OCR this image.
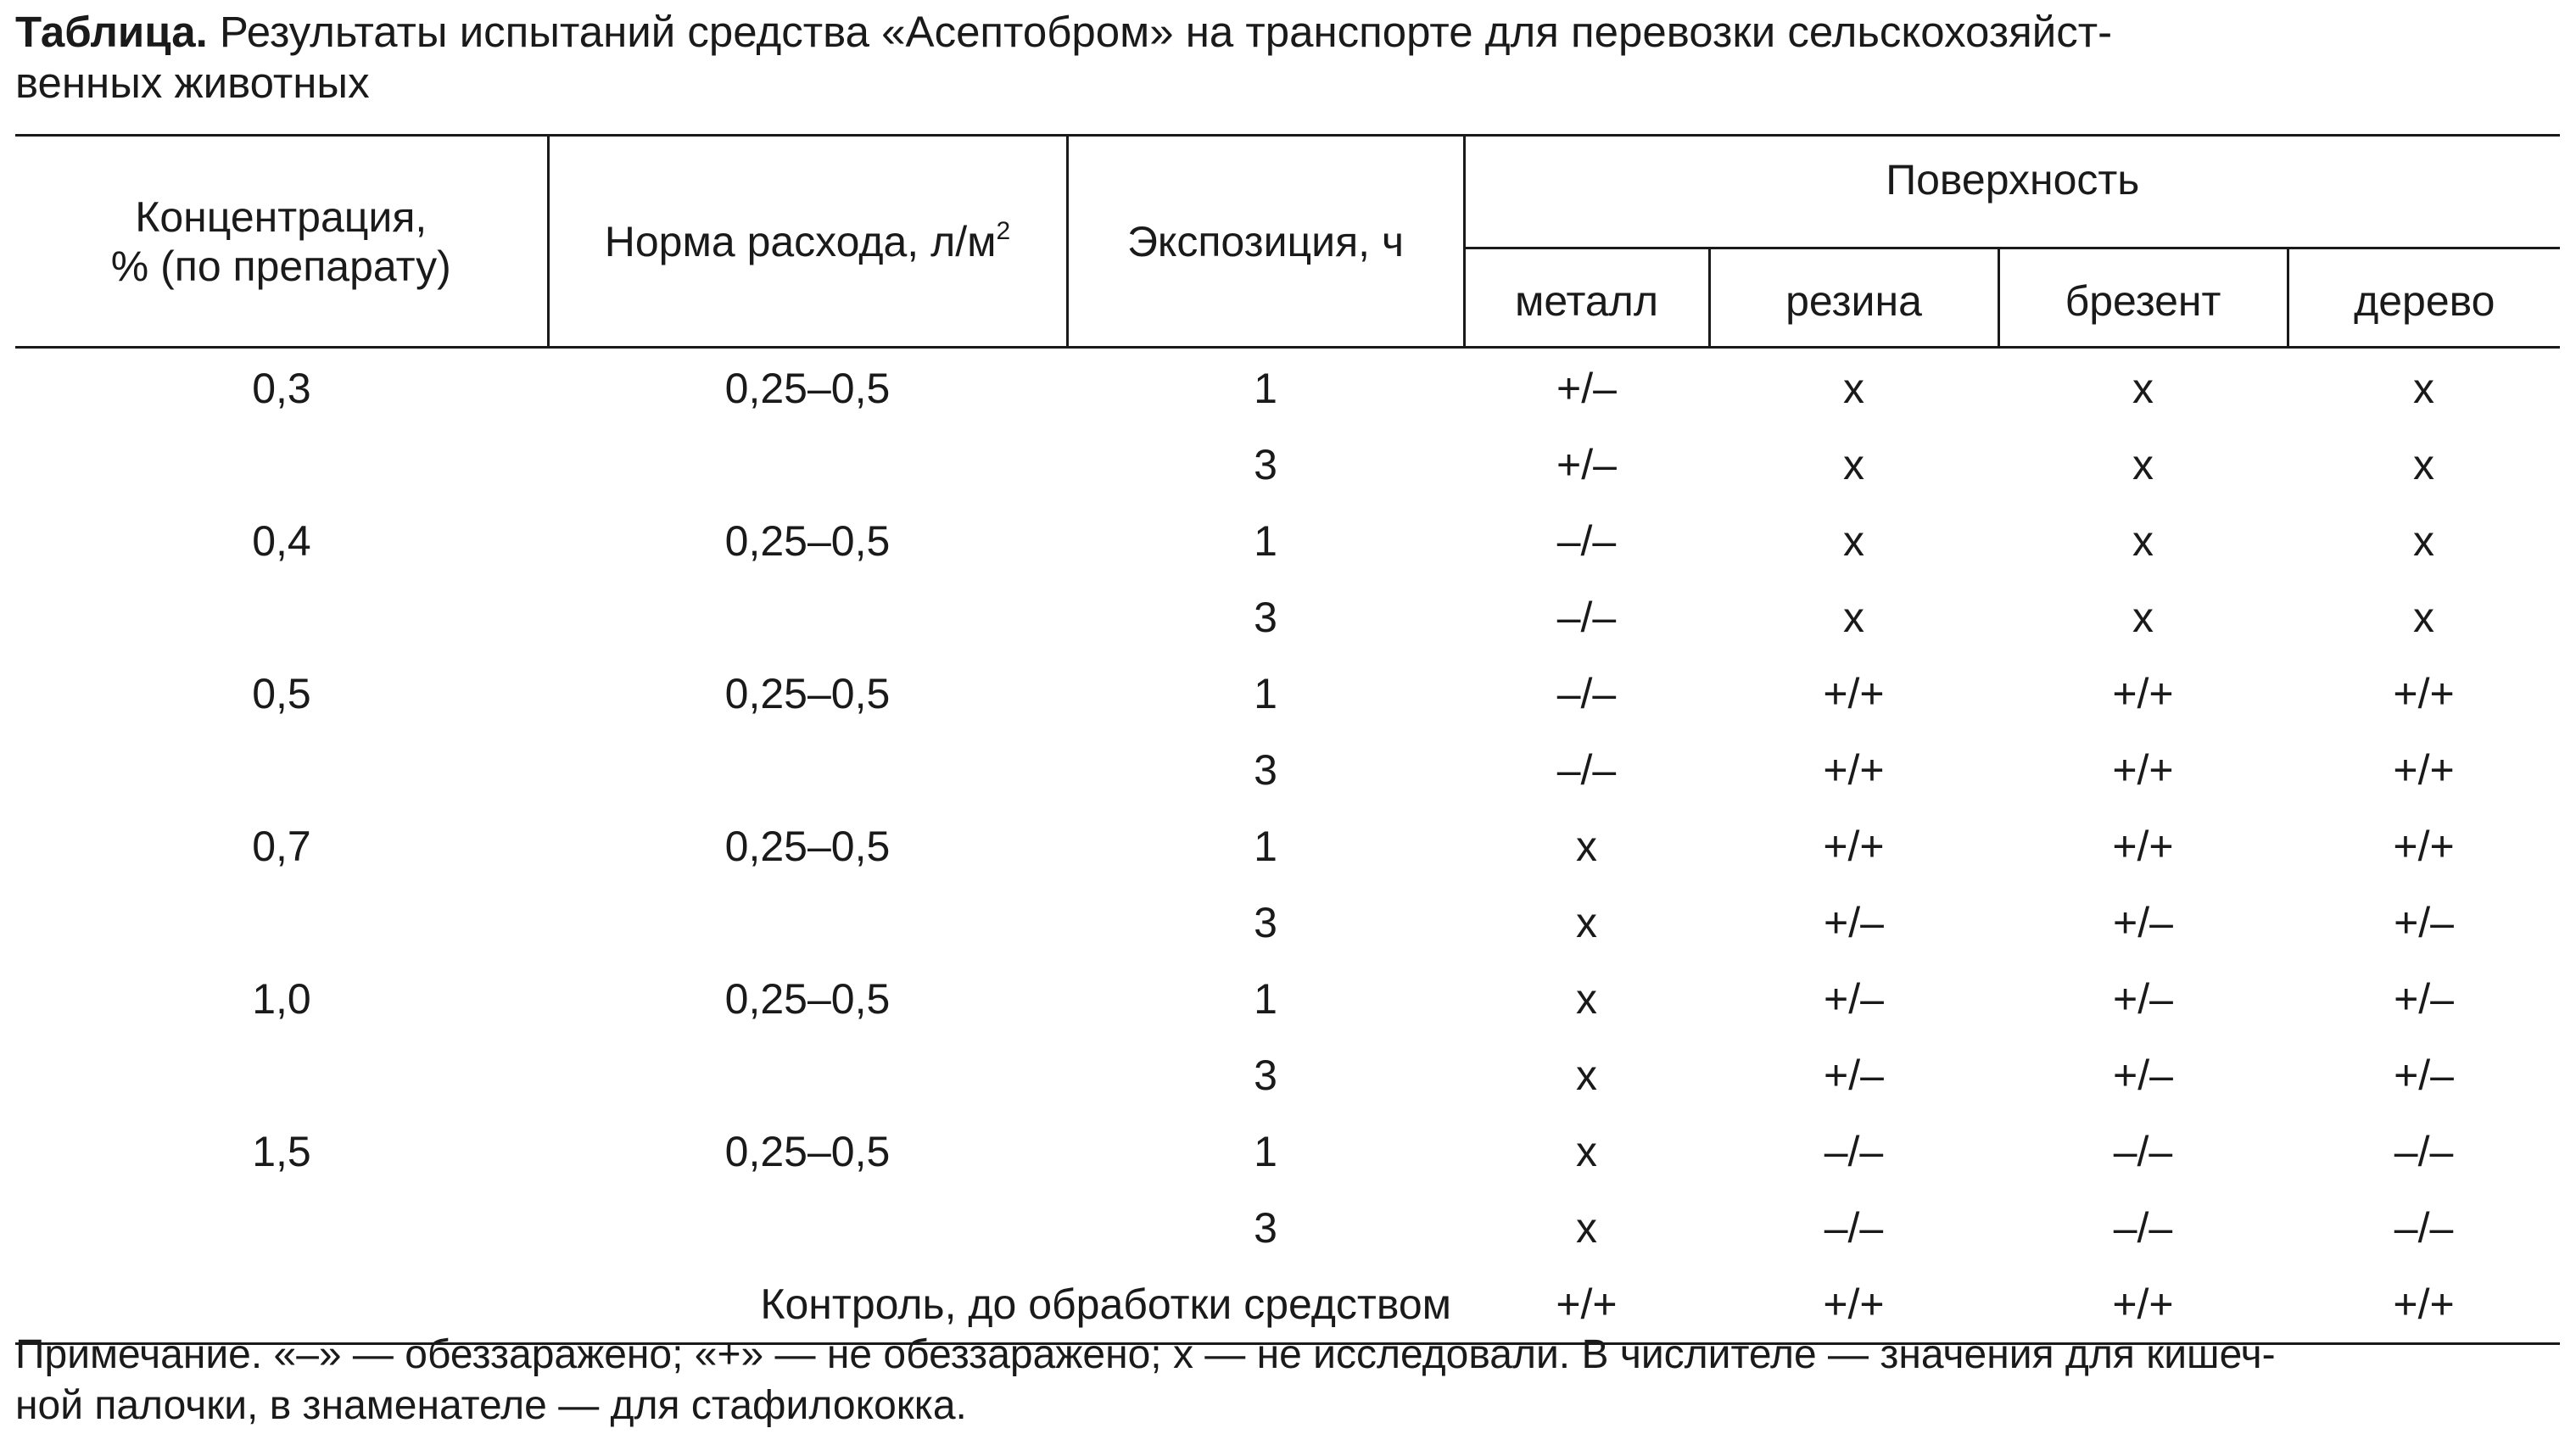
Таблица. Результаты испытаний средства «Асептобром» на транспорте для перевозки сельскохозяйст-
венных животных
Концентрация,
% (по препарату)	Норма расхода, $л/м^2$	Экспозиция, ч	Поверхность			
			металл	резина	брезент	дерево
0,3	0,25–0,5	1	+/–	х	х	х
		3	+/–	х	х	х
0,4	0,25–0,5	1	–/–	х	х	х
		3	–/–	х	х	х
0,5	0,25–0,5	1	–/–	+/+	+/+	+/+
		3	–/–	+/+	+/+	+/+
0,7	0,25–0,5	1	х	+/+	+/+	+/+
		3	х	+/–	+/–	+/–
1,0	0,25–0,5	1	х	+/–	+/–	+/–
		3	х	+/–	+/–	+/–
1,5	0,25–0,5	1	х	–/–	–/–	–/–
		3	х	–/–	–/–	–/–
Контроль, до обработки средством			+/+	+/+	+/+	+/+
Примечание. «–» — обеззаражено; «+» — не обеззаражено; х — не исследовали. В числителе — значения для кишеч-
ной палочки, в знаменателе — для стафилококка.
